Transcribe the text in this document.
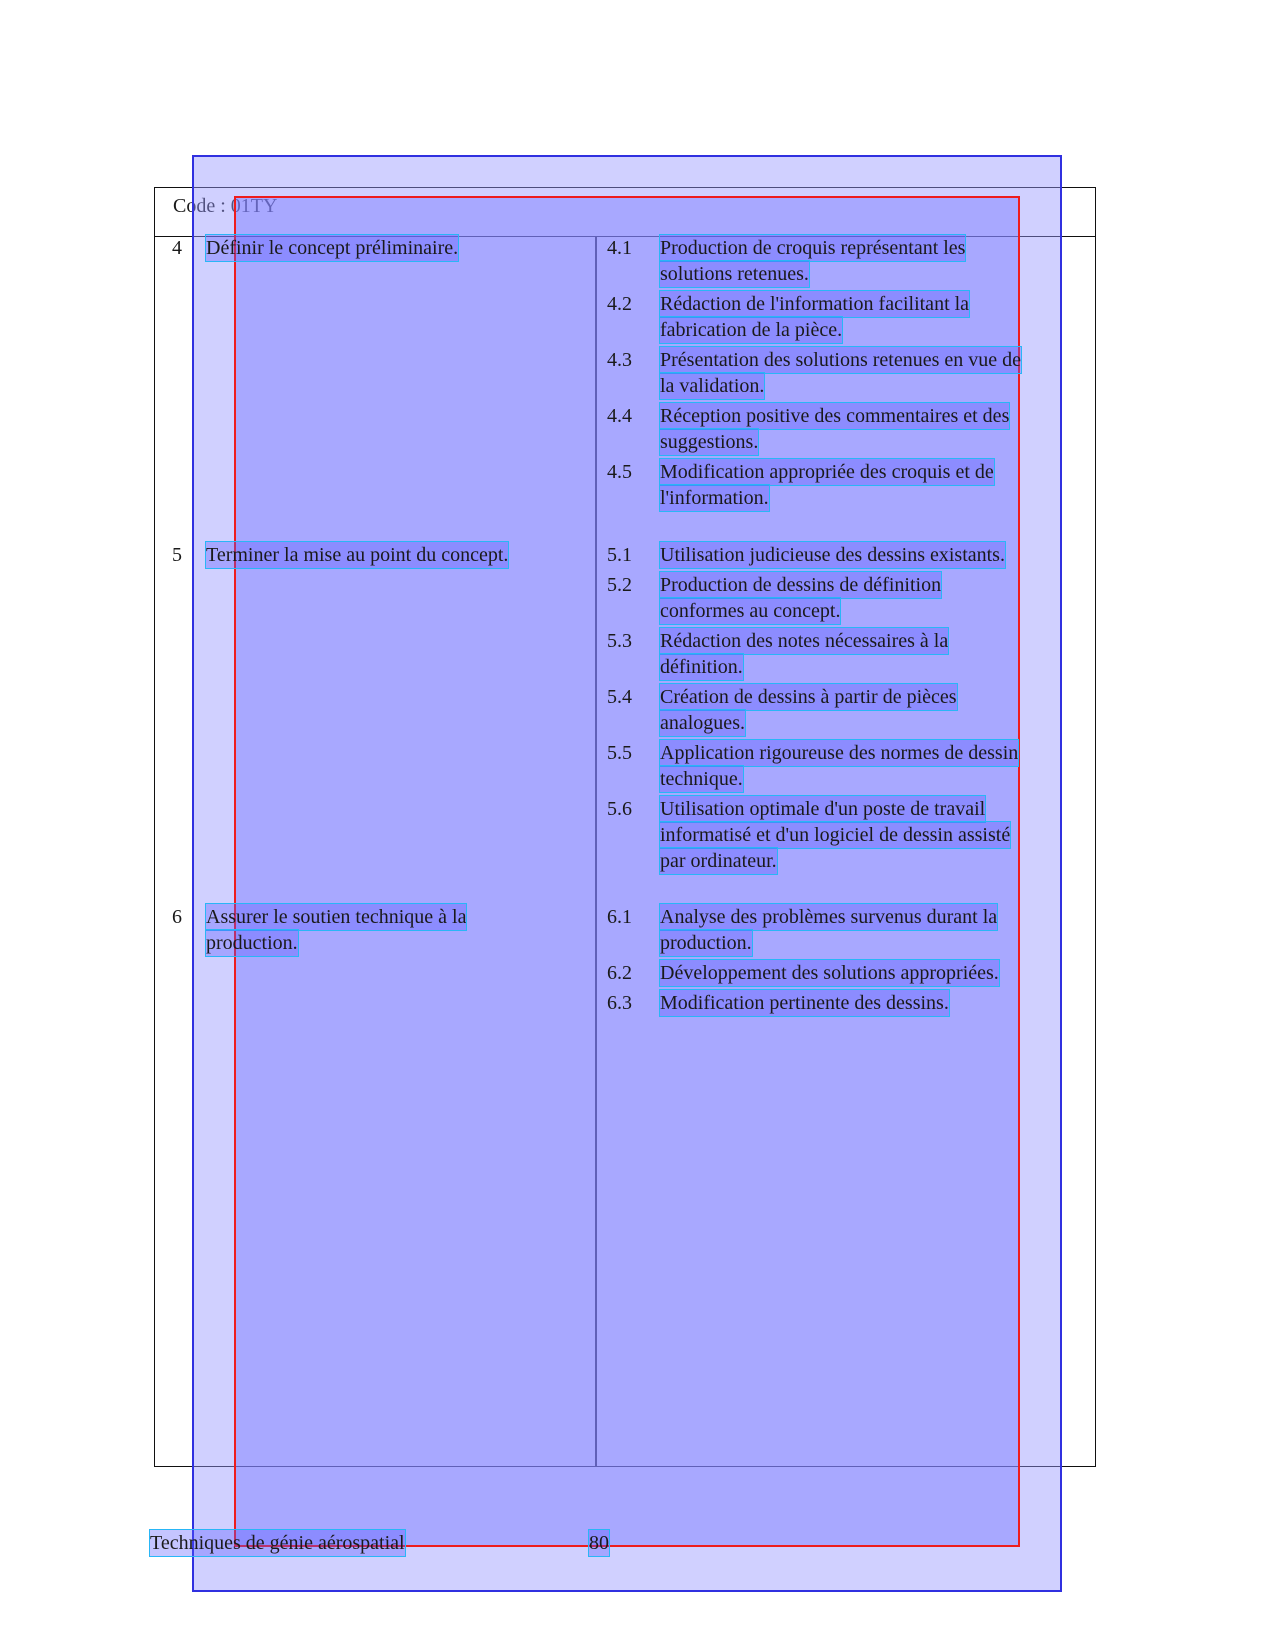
Code : 01TY
4 Définir le concept préliminaire.	4.1 Production de croquis représentant les
solutions retenues.
4.2 Rédaction de l'information facilitant la
fabrication de la pièce.
4.3 Présentation des solutions retenues en vue de
la validation.
4.4 Réception positive des commentaires et des
suggestions.
4.5 Modification appropriée des croquis et de
l'information.
5 Terminer la mise au point du concept.	5.1 Utilisation judicieuse des dessins existants.
5.2 Production de dessins de définition
conformes au concept.
5.3 Rédaction des notes nécessaires à la
définition.
5.4 Création de dessins à partir de pièces
analogues.
5.5 Application rigoureuse des normes de dessin
technique.
5.6 Utilisation optimale d'un poste de travail
informatisé et d'un logiciel de dessin assisté
par ordinateur.
6 Assurer le soutien technique à la
production.
6.1 Analyse des problèmes survenus durant la
production.
6.2 Développement des solutions appropriées.
6.3 Modification pertinente des dessins.
Techniques de génie aérospatial	80
